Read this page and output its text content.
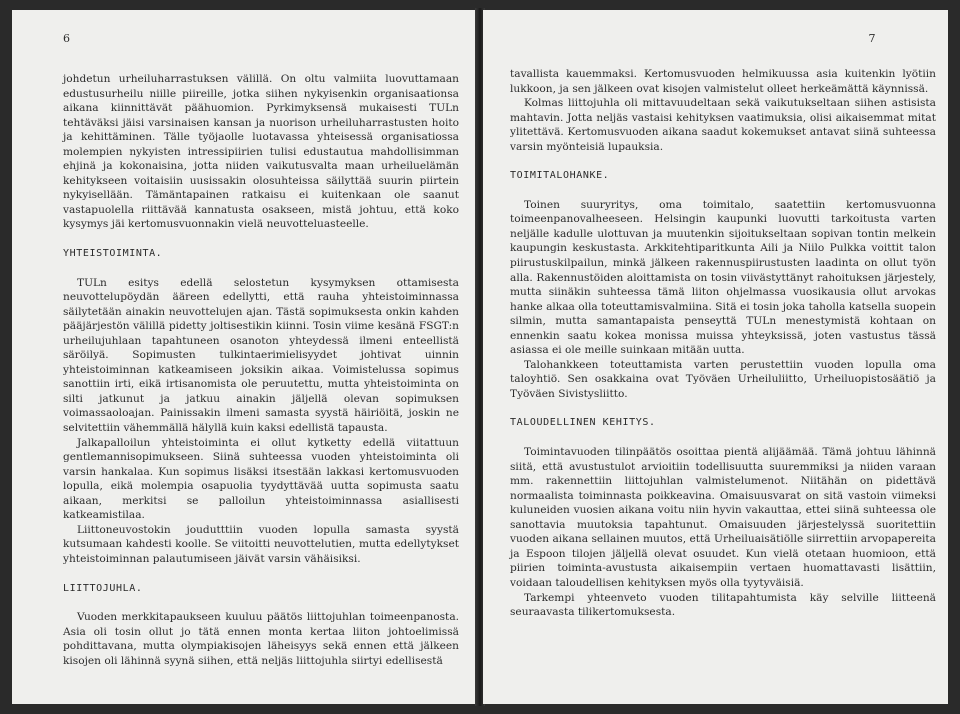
6

johdetun urheiluharrastuksen välillä. On oltu valmiita luovuttamaan edustusurheilu niille piireille, jotka siihen nykyisenkin organisaationsa aikana kiinnittävät päähuomion. Pyrkimyksensä mukaisesti TULn tehtäväksi jäisi varsinaisen kansan ja nuorison urheiluharrastusten hoito ja kehittäminen. Tälle työjaolle luotavassa yhteisessä organisatiossa molempien nykyisten intressipiirien tulisi edustautua mahdollisimman ehjinä ja kokonaisina, jotta niiden vaikutusvalta maan urheiluelämän kehitykseen voitaisiin uusissakin olosuhteissa säilyttää suurin piirtein nykyisellään. Tämäntapainen ratkaisu ei kuitenkaan ole saanut vastapuolella riittävää kannatusta osakseen, mistä johtuu, että koko kysymys jäi kertomusvuonnakin vielä neuvotteluasteelle.

YHTEISTOIMINTA.

TULn esitys edellä selostetun kysymyksen ottamisesta neuvottelupöydän ääreen edellytti, että rauha yhteistoiminnassa säilytetään ainakin neuvottelujen ajan. Tästä sopimuksesta onkin kahden pääjärjestön välillä pidetty joltisestikin kiinni. Tosin viime kesänä FSGT:n urheilujuhlaan tapahtuneen osanoton yhteydessä ilmeni enteellistä säröilyä. Sopimusten tulkintaerimielisyydet johtivat uinnin yhteistoiminnan katkeamiseen joksikin aikaa. Voimistelussa sopimus sanottiin irti, eikä irtisanomista ole peruutettu, mutta yhteistoiminta on silti jatkunut ja jatkuu ainakin jäljellä olevan sopimuksen voimassaoloajan. Painissakin ilmeni samasta syystä häiriöitä, joskin ne selvitettiin vähemmällä hälyllä kuin kaksi edellistä tapausta.

Jalkapalloilun yhteistoiminta ei ollut kytketty edellä viitattuun gentlemannisopimukseen. Siinä suhteessa vuoden yhteistoiminta oli varsin hankalaa. Kun sopimus lisäksi itsestään lakkasi kertomusvuoden lopulla, eikä molempia osapuolia tyydyttävää uutta sopimusta saatu aikaan, merkitsi se palloilun yhteistoiminnassa asiallisesti katkeamistilaa.

Liittoneuvostokin joudutttiin vuoden lopulla samasta syystä kutsumaan kahdesti koolle. Se viitoitti neuvottelutien, mutta edellytykset yhteistoiminnan palautumiseen jäivät varsin vähäisiksi.

LIITTOJUHLA.

Vuoden merkkitapaukseen kuuluu päätös liittojuhlan toimeenpanosta. Asia oli tosin ollut jo tätä ennen monta kertaa liiton johtoelimissä pohdittavana, mutta olympiakisojen läheisyys sekä ennen että jälkeen kisojen oli lähinnä syynä siihen, että neljäs liittojuhla siirtyi edellisestä

7

tavallista kauemmaksi. Kertomusvuoden helmikuussa asia kuitenkin lyötiin lukkoon, ja sen jälkeen ovat kisojen valmistelut olleet herkeämättä käynnissä.

Kolmas liittojuhla oli mittavuudeltaan sekä vaikutukseltaan siihen astisista mahtavin. Jotta neljäs vastaisi kehityksen vaatimuksia, olisi aikaisemmat mitat ylitettävä. Kertomusvuoden aikana saadut kokemukset antavat siinä suhteessa varsin myönteisiä lupauksia.

TOIMITALOHANKE.

Toinen suuryritys, oma toimitalo, saatettiin kertomusvuonna toimeenpanovalheeseen. Helsingin kaupunki luovutti tarkoitusta varten neljälle kadulle ulottuvan ja muutenkin sijoitukseltaan sopivan tontin melkein kaupungin keskustasta. Arkkitehtiparitkunta Aili ja Niilo Pulkka voittit talon piirustuskilpailun, minkä jälkeen rakennuspiirustusten laadinta on ollut työn alla. Rakennustöiden aloittamista on tosin viivästyttänyt rahoituksen järjestely, mutta siinäkin suhteessa tämä liiton ohjelmassa vuosikausia ollut arvokas hanke alkaa olla toteuttamisvalmiina. Sitä ei tosin joka taholla katsella suopein silmin, mutta samantapaista penseyttä TULn menestymistä kohtaan on ennenkin saatu kokea monissa muissa yhteyksissä, joten vastustus tässä asiassa ei ole meille suinkaan mitään uutta.

Talohankkeen toteuttamista varten perustettiin vuoden lopulla oma taloyhtiö. Sen osakkaina ovat Työväen Urheiluliitto, Urheiluopistosäätiö ja Työväen Sivistysliitto.

TALOUDELLINEN KEHITYS.

Toimintavuoden tilinpäätös osoittaa pientä alijäämää. Tämä johtuu lähinnä siitä, että avustustulot arvioitiin todellisuutta suuremmiksi ja niiden varaan mm. rakennettiin liittojuhlan valmistelumenot. Niitähän on pidettävä normaalista toiminnasta poikkeavina. Omaisuusvarat on sitä vastoin viimeksi kuluneiden vuosien aikana voitu niin hyvin vakauttaa, ettei siinä suhteessa ole sanottavia muutoksia tapahtunut. Omaisuuden järjestelyssä suoritettiin vuoden aikana sellainen muutos, että Urheiluaisätiölle siirrettiin arvopapereita ja Espoon tilojen jäljellä olevat osuudet. Kun vielä otetaan huomioon, että piirien toiminta-avustusta aikaisempiin vertaen huomattavasti lisättiin, voidaan taloudellisen kehityksen myös olla tyytyväisiä.

Tarkempi yhteenveto vuoden tilitapahtumista käy selville liitteenä seuraavasta tilikertomuksesta.
